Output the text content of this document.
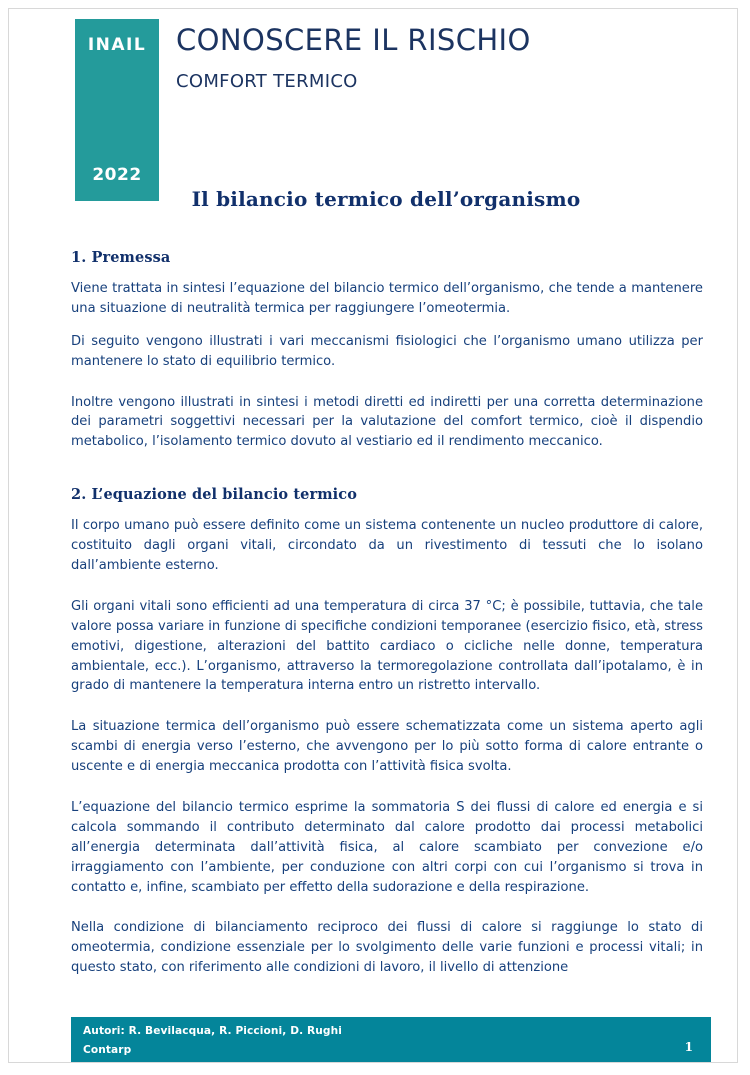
INAIL
2022
CONOSCERE IL RISCHIO
COMFORT TERMICO
Il bilancio termico dell’organismo
1. Premessa

Viene trattata in sintesi l’equazione del bilancio termico dell’organismo, che tende a mantenere una situazione di neutralità termica per raggiungere l’omeotermia.

Di seguito vengono illustrati i vari meccanismi fisiologici che l’organismo umano utilizza per mantenere lo stato di equilibrio termico.

Inoltre vengono illustrati in sintesi i metodi diretti ed indiretti per una corretta determinazione dei parametri soggettivi necessari per la valutazione del comfort termico, cioè il dispendio metabolico, l’isolamento termico dovuto al vestiario ed il rendimento meccanico.

2. L’equazione del bilancio termico

Il corpo umano può essere definito come un sistema contenente un nucleo produttore di calore, costituito dagli organi vitali, circondato da un rivestimento di tessuti che lo isolano dall’ambiente esterno.

Gli organi vitali sono efficienti ad una temperatura di circa 37 °C; è possibile, tuttavia, che tale valore possa variare in funzione di specifiche condizioni temporanee (esercizio fisico, età, stress emotivi, digestione, alterazioni del battito cardiaco o cicliche nelle donne, temperatura ambientale, ecc.). L’organismo, attraverso la termoregolazione controllata dall’ipotalamo, è in grado di mantenere la temperatura interna entro un ristretto intervallo.

La situazione termica dell’organismo può essere schematizzata come un sistema aperto agli scambi di energia verso l’esterno, che avvengono per lo più sotto forma di calore entrante o uscente e di energia meccanica prodotta con l’attività fisica svolta.

L’equazione del bilancio termico esprime la sommatoria S dei flussi di calore ed energia e si calcola sommando il contributo determinato dal calore prodotto dai processi metabolici all’energia determinata dall’attività fisica, al calore scambiato per convezione e/o irraggiamento con l’ambiente, per conduzione con altri corpi con cui l’organismo si trova in contatto e, infine, scambiato per effetto della sudorazione e della respirazione.

Nella condizione di bilanciamento reciproco dei flussi di calore si raggiunge lo stato di omeotermia, condizione essenziale per lo svolgimento delle varie funzioni e processi vitali; in questo stato, con riferimento alle condizioni di lavoro, il livello di attenzione

Autori: R. Bevilacqua, R. Piccioni, D. Rughi
Contarp	1
